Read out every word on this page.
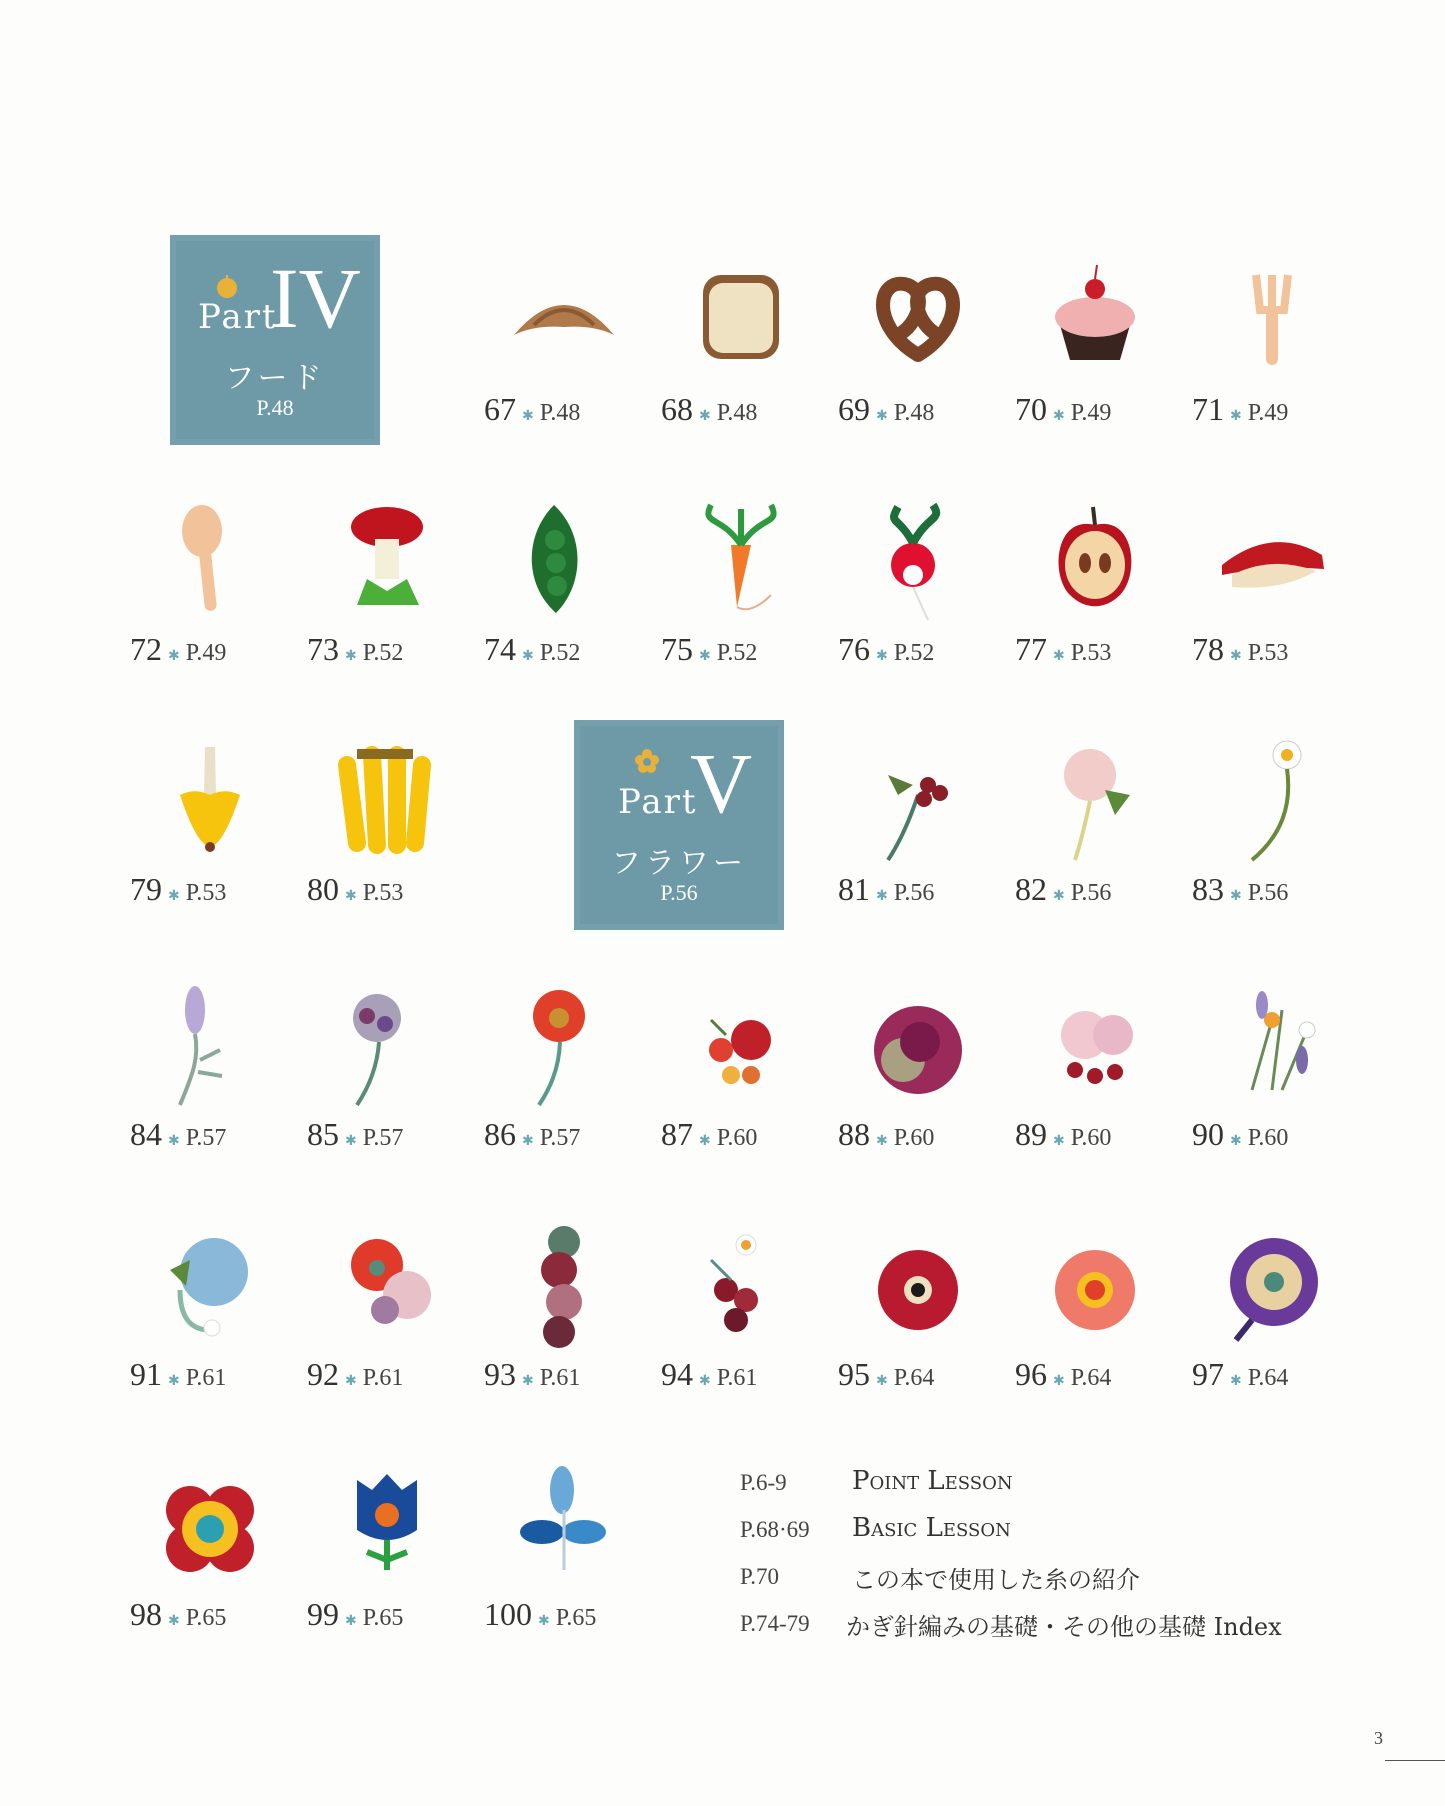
Part
IV
フード
P.48
Part
V
フラワー
P.56
67 ✱ P.48	68 ✱ P.48	69 ✱ P.48	70 ✱ P.49	71 ✱ P.49
72 ✱ P.49	73 ✱ P.52	74 ✱ P.52	75 ✱ P.52	76 ✱ P.52	77 ✱ P.53	78 ✱ P.53
79 ✱ P.53	80 ✱ P.53	81 ✱ P.56	82 ✱ P.56	83 ✱ P.56
84 ✱ P.57	85 ✱ P.57	86 ✱ P.57	87 ✱ P.60	88 ✱ P.60	89 ✱ P.60	90 ✱ P.60
91 ✱ P.61	92 ✱ P.61	93 ✱ P.61	94 ✱ P.61	95 ✱ P.64	96 ✱ P.64	97 ✱ P.64
98 ✱ P.65	99 ✱ P.65	100 ✱ P.65
P.6-9	Point Lesson
P.68·69 Basic Lesson
P.70	この本で使用した糸の紹介
P.74-79 かぎ針編みの基礎・その他の基礎 Index
3
